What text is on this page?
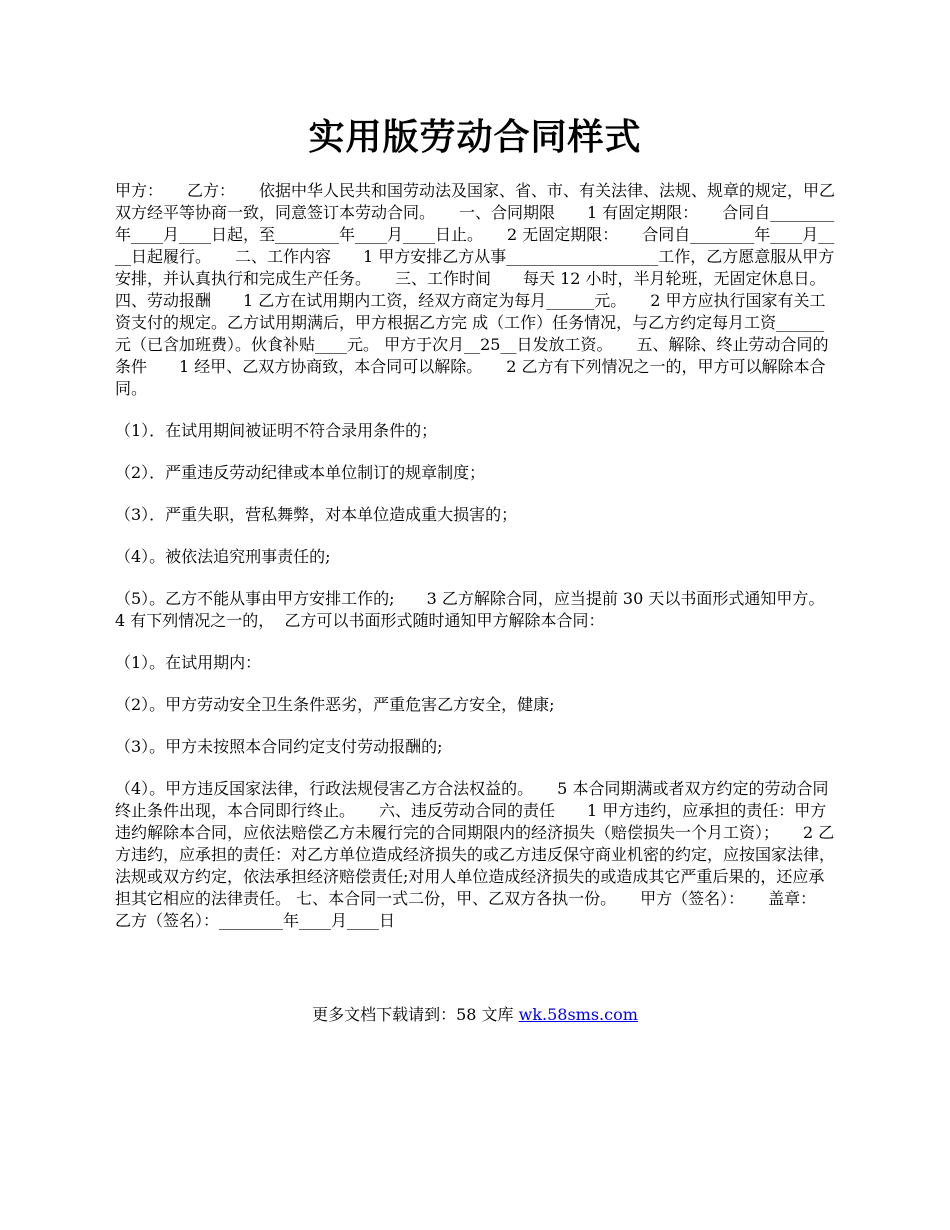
实用版劳动合同样式

甲方：　　乙方：　　依据中华人民共和国劳动法及国家、省、市、有关法律、法规、规章的规定，甲乙双方经平等协商一致，同意签订本劳动合同。　　一、合同期限　　1 有固定期限：　　合同自________年____月____日起，至________年____月____日止。　　2 无固定期限：　　合同自________年____月____日起履行。　　二、工作内容　　1 甲方安排乙方从事___________________工作，乙方愿意服从甲方安排，并认真执行和完成生产任务。　　三、工作时间　　每天 12 小时，半月轮班，无固定休息日。　　四、劳动报酬　　1 乙方在试用期内工资，经双方商定为每月______元。　　2 甲方应执行国家有关工资支付的规定。乙方试用期满后，甲方根据乙方完 成（工作）任务情况，与乙方约定每月工资______元（已含加班费）。伙食补贴____元。 甲方于次月__25__日发放工资。　　五、解除、终止劳动合同的条件　　1 经甲、乙双方协商致，本合同可以解除。　　2 乙方有下列情况之一的，甲方可以解除本合同。

（1）．在试用期间被证明不符合录用条件的；

（2）．严重违反劳动纪律或本单位制订的规章制度；

（3）．严重失职，营私舞弊，对本单位造成重大损害的；

（4）。被依法追究刑事责任的;

（5）。乙方不能从事由甲方安排工作的;　　3 乙方解除合同，应当提前 30 天以书面形式通知甲方。　　4 有下列情况之一的，  乙方可以书面形式随时通知甲方解除本合同：

（1）。在试用期内：

（2）。甲方劳动安全卫生条件恶劣，严重危害乙方安全，健康;

（3）。甲方未按照本合同约定支付劳动报酬的;

（4）。甲方违反国家法律，行政法规侵害乙方合法权益的。　　5 本合同期满或者双方约定的劳动合同终止条件出现，本合同即行终止。　　六、违反劳动合同的责任　　1 甲方违约，应承担的责任：甲方违约解除本合同，应依法赔偿乙方未履行完的合同期限内的经济损失（赔偿损失一个月工资）；　　2 乙方违约，应承担的责任：对乙方单位造成经济损失的或乙方违反保守商业机密的约定，应按国家法律，法规或双方约定，依法承担经济赔偿责任;对用人单位造成经济损失的或造成其它严重后果的，还应承担其它相应的法律责任。 七、本合同一式二份，甲、乙双方各执一份。　　甲方（签名）：　　盖章：　　乙方（签名）：________年____月____日

更多文档下载请到：58 文库 wk.58sms.com
